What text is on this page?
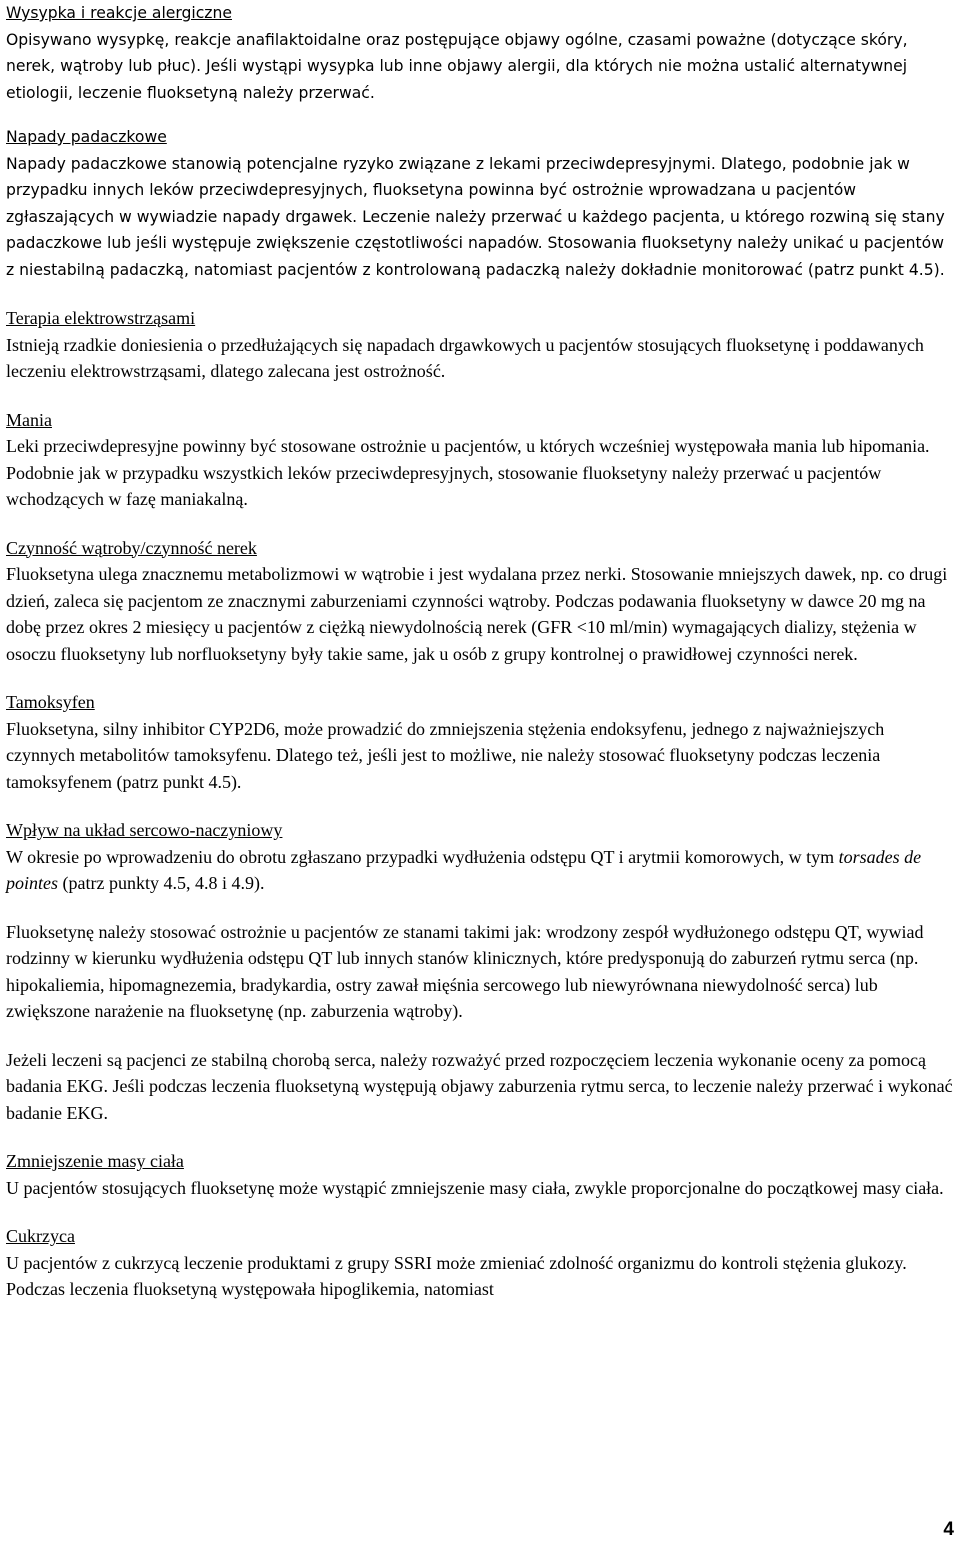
Wysypka i reakcje alergiczne

Opisywano wysypkę, reakcje anafilaktoidalne oraz postępujące objawy ogólne, czasami poważne (dotyczące skóry, nerek, wątroby lub płuc). Jeśli wystąpi wysypka lub inne objawy alergii, dla których nie można ustalić alternatywnej etiologii, leczenie fluoksetyną należy przerwać.

Napady padaczkowe

Napady padaczkowe stanowią potencjalne ryzyko związane z lekami przeciwdepresyjnymi. Dlatego, podobnie jak w przypadku innych leków przeciwdepresyjnych, fluoksetyna powinna być ostrożnie wprowadzana u pacjentów zgłaszających w wywiadzie napady drgawek. Leczenie należy przerwać u każdego pacjenta, u którego rozwiną się stany padaczkowe lub jeśli występuje zwiększenie częstotliwości napadów. Stosowania fluoksetyny należy unikać u pacjentów z niestabilną padaczką, natomiast pacjentów z kontrolowaną padaczką należy dokładnie monitorować (patrz punkt 4.5).

Terapia elektrowstrząsami

Istnieją rzadkie doniesienia o przedłużających się napadach drgawkowych u pacjentów stosujących fluoksetynę i poddawanych leczeniu elektrowstrząsami, dlatego zalecana jest ostrożność.

Mania

Leki przeciwdepresyjne powinny być stosowane ostrożnie u pacjentów, u których wcześniej występowała mania lub hipomania. Podobnie jak w przypadku wszystkich leków przeciwdepresyjnych, stosowanie fluoksetyny należy przerwać u pacjentów wchodzących w fazę maniakalną.

Czynność wątroby/czynność nerek

Fluoksetyna ulega znacznemu metabolizmowi w wątrobie i jest wydalana przez nerki. Stosowanie mniejszych dawek, np. co drugi dzień, zaleca się pacjentom ze znacznymi zaburzeniami czynności wątroby. Podczas podawania fluoksetyny w dawce 20 mg na dobę przez okres 2 miesięcy u pacjentów z ciężką niewydolnością nerek (GFR <10 ml/min) wymagających dializy, stężenia w osoczu fluoksetyny lub norfluoksetyny były takie same, jak u osób z grupy kontrolnej o prawidłowej czynności nerek.

Tamoksyfen

Fluoksetyna, silny inhibitor CYP2D6, może prowadzić do zmniejszenia stężenia endoksyfenu, jednego z najważniejszych czynnych metabolitów tamoksyfenu. Dlatego też, jeśli jest to możliwe, nie należy stosować fluoksetyny podczas leczenia tamoksyfenem (patrz punkt 4.5).

Wpływ na układ sercowo-naczyniowy

W okresie po wprowadzeniu do obrotu zgłaszano przypadki wydłużenia odstępu QT i arytmii komorowych, w tym torsades de pointes (patrz punkty 4.5, 4.8 i 4.9).

Fluoksetynę należy stosować ostrożnie u pacjentów ze stanami takimi jak: wrodzony zespół wydłużonego odstępu QT, wywiad rodzinny w kierunku wydłużenia odstępu QT lub innych stanów klinicznych, które predysponują do zaburzeń rytmu serca (np. hipokaliemia, hipomagnezemia, bradykardia, ostry zawał mięśnia sercowego lub niewyrównana niewydolność serca) lub zwiększone narażenie na fluoksetynę (np. zaburzenia wątroby).

Jeżeli leczeni są pacjenci ze stabilną chorobą serca, należy rozważyć przed rozpoczęciem leczenia wykonanie oceny za pomocą badania EKG. Jeśli podczas leczenia fluoksetyną występują objawy zaburzenia rytmu serca, to leczenie należy przerwać i wykonać badanie EKG.

Zmniejszenie masy ciała

U pacjentów stosujących fluoksetynę może wystąpić zmniejszenie masy ciała, zwykle proporcjonalne do początkowej masy ciała.

Cukrzyca

U pacjentów z cukrzycą leczenie produktami z grupy SSRI może zmieniać zdolność organizmu do kontroli stężenia glukozy. Podczas leczenia fluoksetyną występowała hipoglikemia, natomiast

4
